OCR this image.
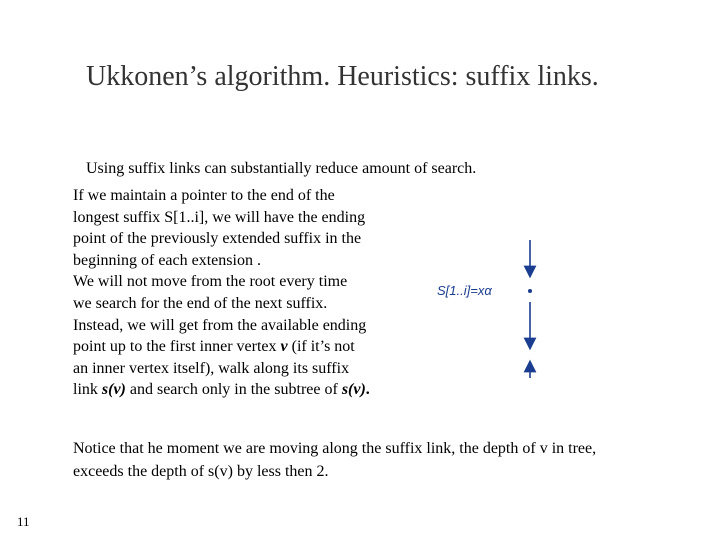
Ukkonen’s algorithm. Heuristics: suffix links.
Using suffix links can substantially reduce amount of search.
If we maintain a pointer to the end of the
longest suffix S[1..i], we will have the ending
point of the previously extended suffix in the
beginning of each extension .
We will not move from the root every time
we search for the end of the next suffix.
Instead, we will get from the available ending
point up to the first inner vertex v (if it’s not
an inner vertex itself), walk along its suffix
link s(v) and search only in the subtree of s(v).
S[1..i]=xα
Notice that he moment we are moving along the suffix link, the depth of v in tree, exceeds the depth of s(v) by less then 2.
11
